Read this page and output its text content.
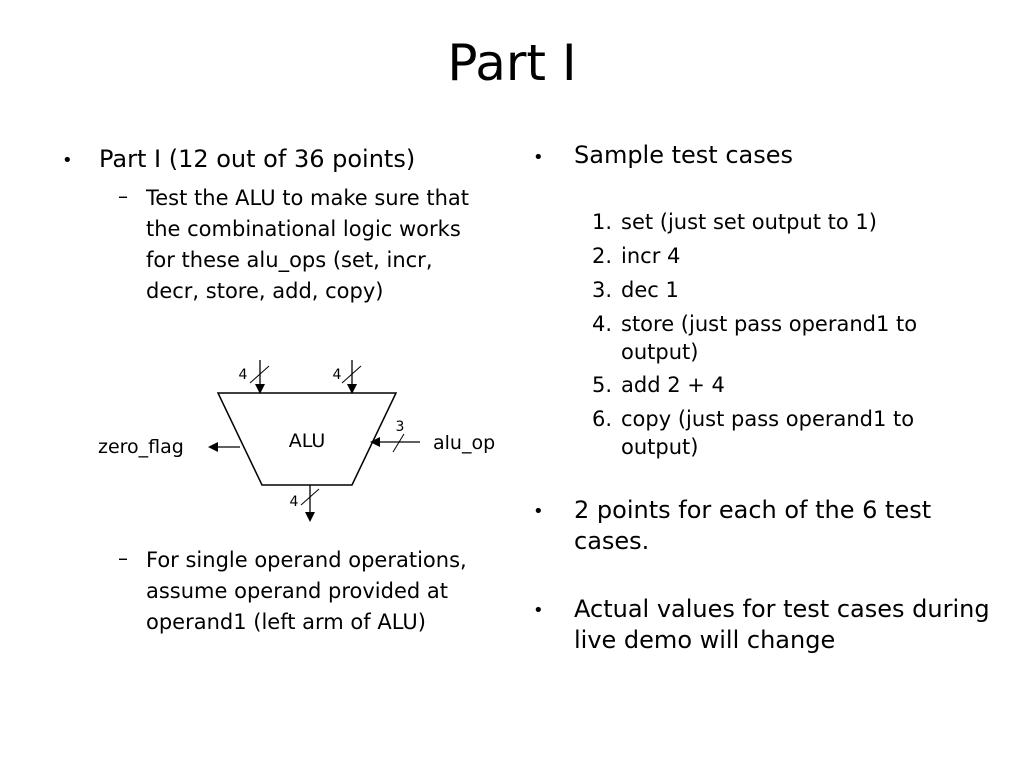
Part I
• Part I (12 out of 36 points)
– Test the ALU to make sure that the combinational logic works for these alu_ops (set, incr, decr, store, add, copy)
ALU
4	4
4
3
alu_op
zero_flag
– For single operand operations, assume operand provided at operand1 (left arm of ALU)
• Sample test cases
1. set (just set output to 1)
2. incr 4
3. dec 1
4. store (just pass operand1 to output)
5. add 2 + 4
6. copy (just pass operand1 to output)
• 2 points for each of the 6 test cases.
• Actual values for test cases during live demo will change
